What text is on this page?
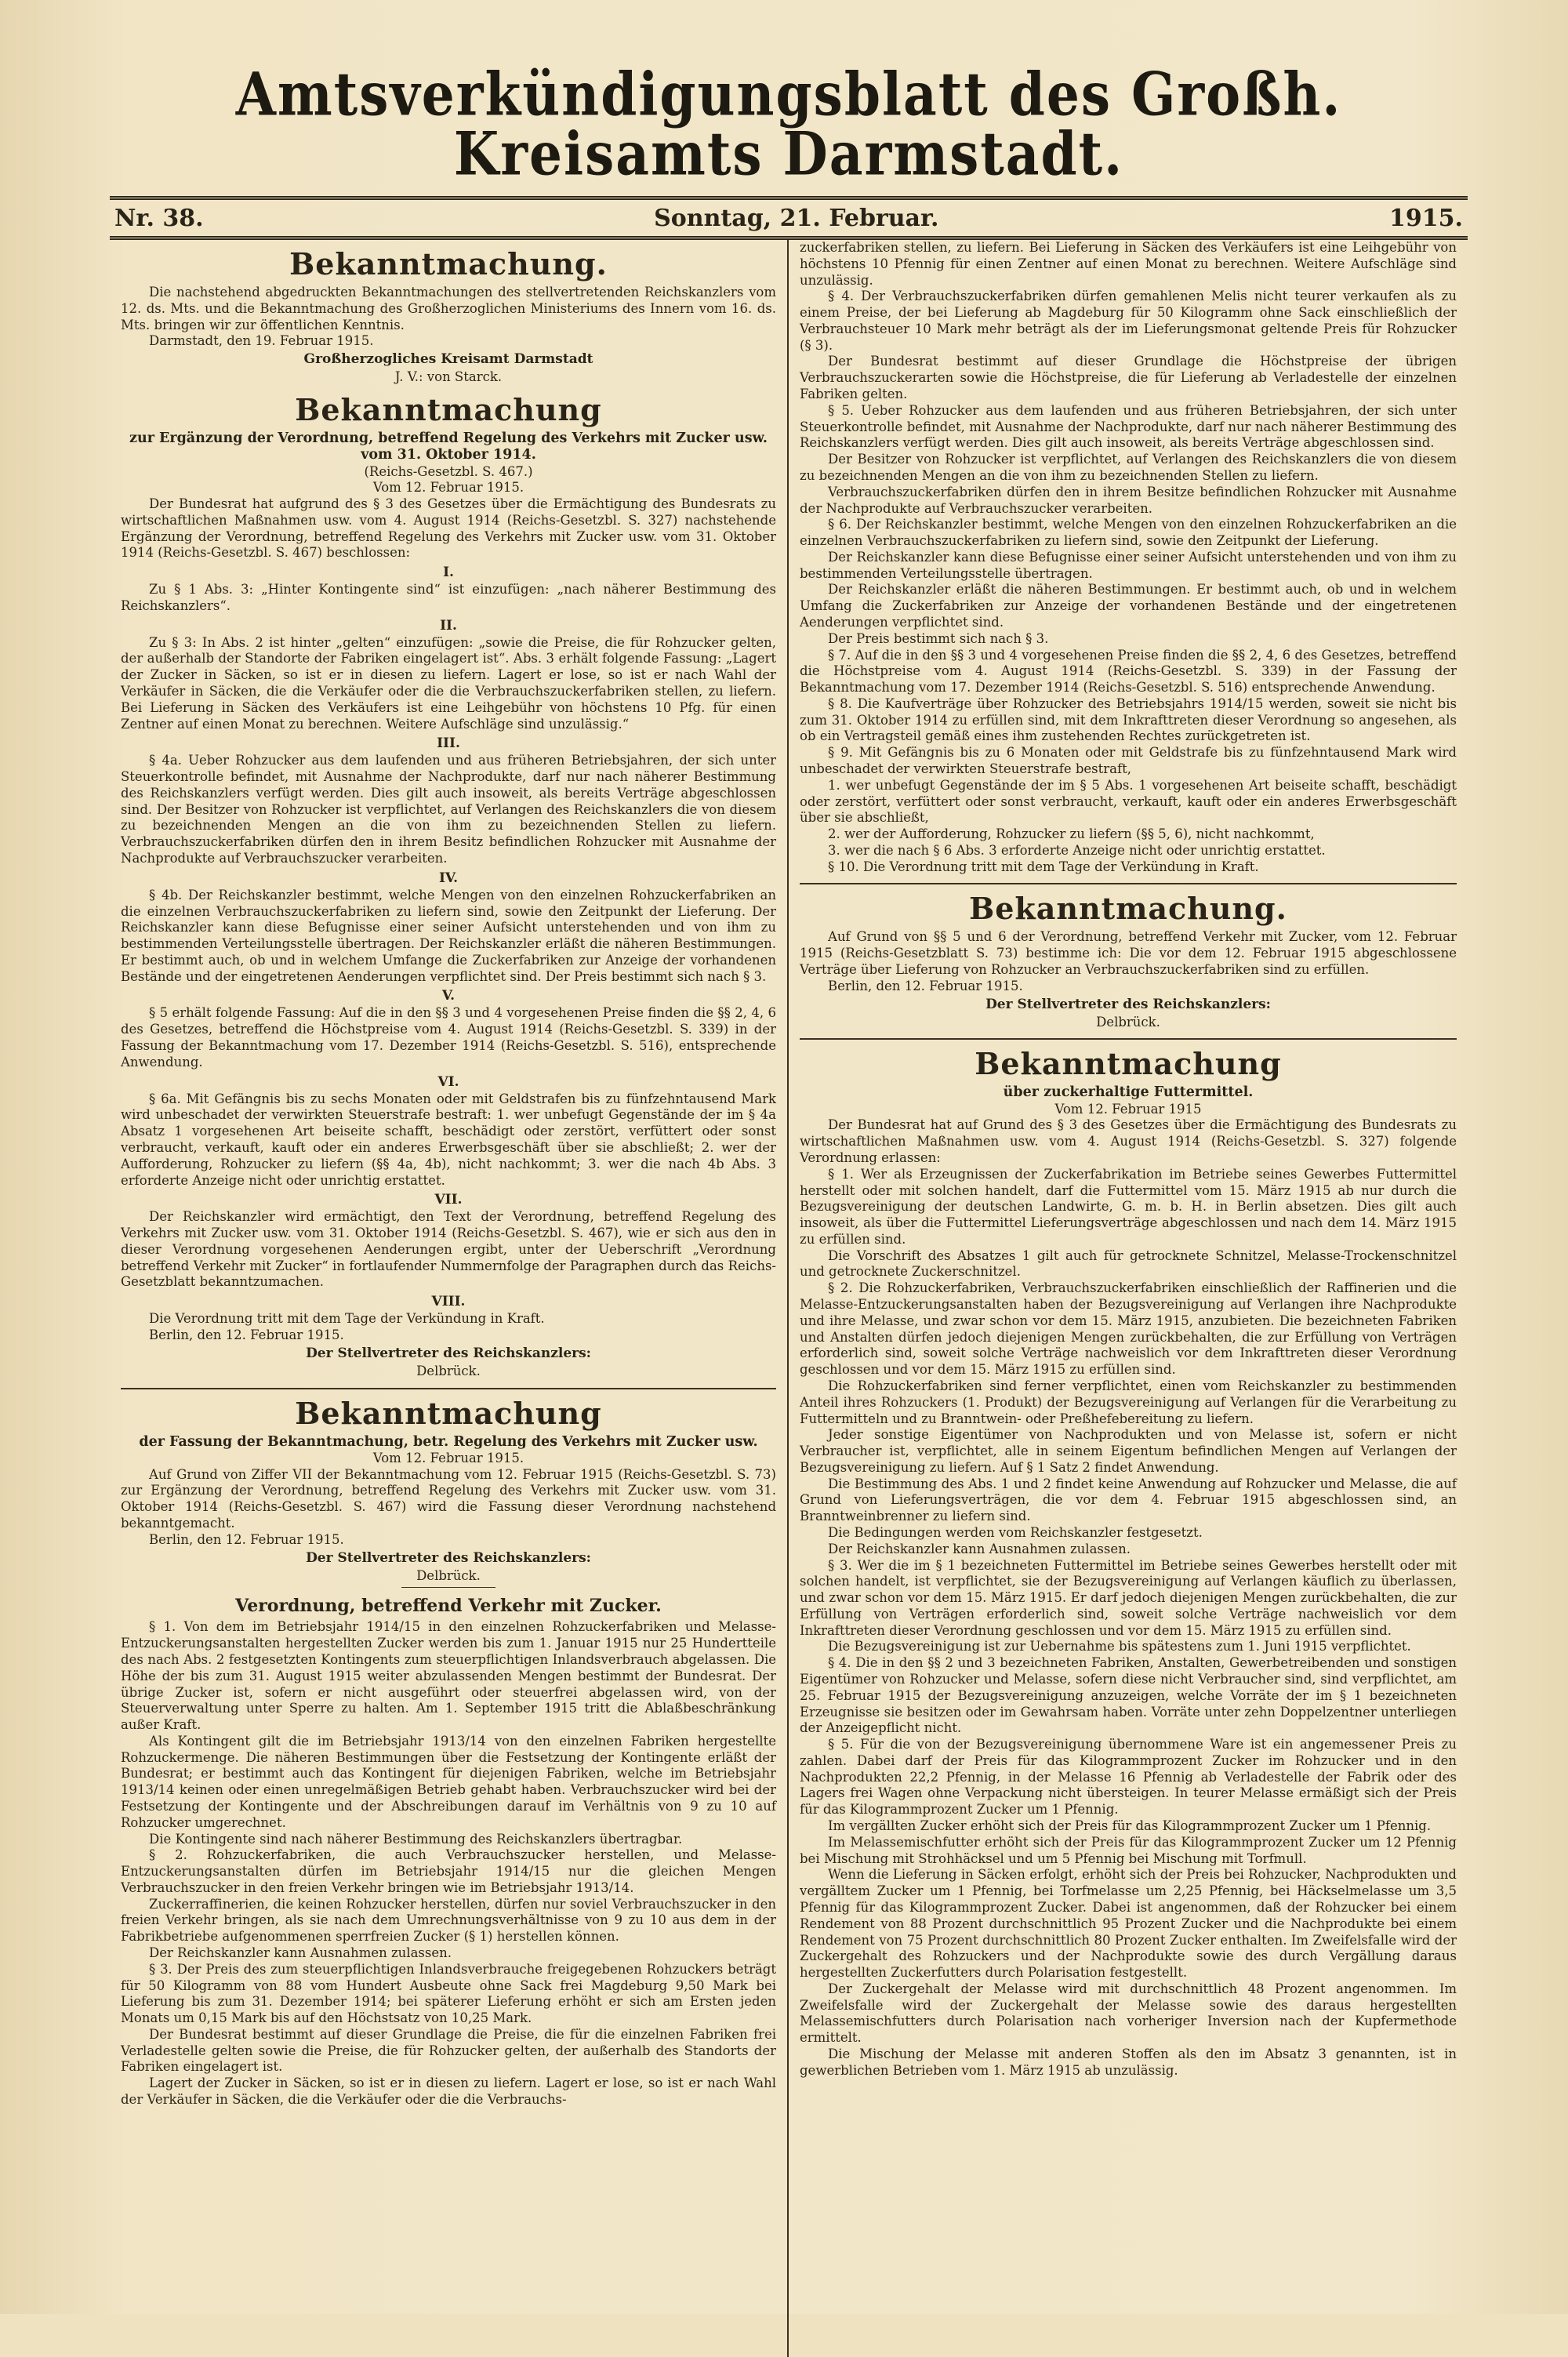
Amtsverkündigungsblatt des Großh. Kreisamts Darmstadt.
Nr. 38.	Sonntag, 21. Februar.	1915.
Bekanntmachung.

Die nachstehend abgedruckten Bekanntmachungen des stellvertretenden Reichskanzlers vom 12. ds. Mts. und die Bekanntmachung des Großherzoglichen Ministeriums des Innern vom 16. ds. Mts. bringen wir zur öffentlichen Kenntnis.

Darmstadt, den 19. Februar 1915.

Großherzogliches Kreisamt Darmstadt
J. V.: von Starck.
Bekanntmachung
zur Ergänzung der Verordnung, betreffend Regelung des Verkehrs mit Zucker usw. vom 31. Oktober 1914.
(Reichs-Gesetzbl. S. 467.)
Vom 12. Februar 1915.

Der Bundesrat hat aufgrund des § 3 des Gesetzes über die Ermächtigung des Bundesrats zu wirtschaftlichen Maßnahmen usw. vom 4. August 1914 (Reichs-Gesetzbl. S. 327) nachstehende Ergänzung der Verordnung, betreffend Regelung des Verkehrs mit Zucker usw. vom 31. Oktober 1914 (Reichs-Gesetzbl. S. 467) beschlossen:

I.

Zu § 1 Abs. 3: „Hinter Kontingente sind“ ist einzufügen: „nach näherer Bestimmung des Reichskanzlers“.

II.

Zu § 3: In Abs. 2 ist hinter „gelten“ einzufügen: „sowie die Preise, die für Rohzucker gelten, der außerhalb der Standorte der Fabriken eingelagert ist“. Abs. 3 erhält folgende Fassung: „Lagert der Zucker in Säcken, so ist er in diesen zu liefern. Lagert er lose, so ist er nach Wahl der Verkäufer in Säcken, die die Verkäufer oder die die Verbrauchszuckerfabriken stellen, zu liefern. Bei Lieferung in Säcken des Verkäufers ist eine Leihgebühr von höchstens 10 Pfg. für einen Zentner auf einen Monat zu berechnen. Weitere Aufschläge sind unzulässig.“

III.

§ 4a. Ueber Rohzucker aus dem laufenden und aus früheren Betriebsjahren, der sich unter Steuerkontrolle befindet, mit Ausnahme der Nachprodukte, darf nur nach näherer Bestimmung des Reichskanzlers verfügt werden. Dies gilt auch insoweit, als bereits Verträge abgeschlossen sind. Der Besitzer von Rohzucker ist verpflichtet, auf Verlangen des Reichskanzlers die von diesem zu bezeichnenden Mengen an die von ihm zu bezeichnenden Stellen zu liefern. Verbrauchszuckerfabriken dürfen den in ihrem Besitz befindlichen Rohzucker mit Ausnahme der Nachprodukte auf Verbrauchszucker verarbeiten.

IV.

§ 4b. Der Reichskanzler bestimmt, welche Mengen von den einzelnen Rohzuckerfabriken an die einzelnen Verbrauchszuckerfabriken zu liefern sind, sowie den Zeitpunkt der Lieferung. Der Reichskanzler kann diese Befugnisse einer seiner Aufsicht unterstehenden und von ihm zu bestimmenden Verteilungsstelle übertragen. Der Reichskanzler erläßt die näheren Bestimmungen. Er bestimmt auch, ob und in welchem Umfange die Zuckerfabriken zur Anzeige der vorhandenen Bestände und der eingetretenen Aenderungen verpflichtet sind. Der Preis bestimmt sich nach § 3.

V.

§ 5 erhält folgende Fassung: Auf die in den §§ 3 und 4 vorgesehenen Preise finden die §§ 2, 4, 6 des Gesetzes, betreffend die Höchstpreise vom 4. August 1914 (Reichs-Gesetzbl. S. 339) in der Fassung der Bekanntmachung vom 17. Dezember 1914 (Reichs-Gesetzbl. S. 516), entsprechende Anwendung.

VI.

§ 6a. Mit Gefängnis bis zu sechs Monaten oder mit Geldstrafen bis zu fünfzehntausend Mark wird unbeschadet der verwirkten Steuerstrafe bestraft: 1. wer unbefugt Gegenstände der im § 4a Absatz 1 vorgesehenen Art beiseite schafft, beschädigt oder zerstört, verfüttert oder sonst verbraucht, verkauft, kauft oder ein anderes Erwerbsgeschäft über sie abschließt; 2. wer der Aufforderung, Rohzucker zu liefern (§§ 4a, 4b), nicht nachkommt; 3. wer die nach 4b Abs. 3 erforderte Anzeige nicht oder unrichtig erstattet.

VII.

Der Reichskanzler wird ermächtigt, den Text der Verordnung, betreffend Regelung des Verkehrs mit Zucker usw. vom 31. Oktober 1914 (Reichs-Gesetzbl. S. 467), wie er sich aus den in dieser Verordnung vorgesehenen Aenderungen ergibt, unter der Ueberschrift „Verordnung betreffend Verkehr mit Zucker“ in fortlaufender Nummernfolge der Paragraphen durch das Reichs-Gesetzblatt bekanntzumachen.

VIII.

Die Verordnung tritt mit dem Tage der Verkündung in Kraft.

Berlin, den 12. Februar 1915.

Der Stellvertreter des Reichskanzlers:
Delbrück.
Bekanntmachung
der Fassung der Bekanntmachung, betr. Regelung des Verkehrs mit Zucker usw.
Vom 12. Februar 1915.

Auf Grund von Ziffer VII der Bekanntmachung vom 12. Februar 1915 (Reichs-Gesetzbl. S. 73) zur Ergänzung der Verordnung, betreffend Regelung des Verkehrs mit Zucker usw. vom 31. Oktober 1914 (Reichs-Gesetzbl. S. 467) wird die Fassung dieser Verordnung nachstehend bekanntgemacht.

Berlin, den 12. Februar 1915.

Der Stellvertreter des Reichskanzlers:
Delbrück.
Verordnung, betreffend Verkehr mit Zucker.

§ 1. Von dem im Betriebsjahr 1914/15 in den einzelnen Rohzuckerfabriken und Melasse-Entzuckerungsanstalten hergestellten Zucker werden bis zum 1. Januar 1915 nur 25 Hundertteile des nach Abs. 2 festgesetzten Kontingents zum steuerpflichtigen Inlandsverbrauch abgelassen. Die Höhe der bis zum 31. August 1915 weiter abzulassenden Mengen bestimmt der Bundesrat. Der übrige Zucker ist, sofern er nicht ausgeführt oder steuerfrei abgelassen wird, von der Steuerverwaltung unter Sperre zu halten. Am 1. September 1915 tritt die Ablaßbeschränkung außer Kraft.

Als Kontingent gilt die im Betriebsjahr 1913/14 von den einzelnen Fabriken hergestellte Rohzuckermenge. Die näheren Bestimmungen über die Festsetzung der Kontingente erläßt der Bundesrat; er bestimmt auch das Kontingent für diejenigen Fabriken, welche im Betriebsjahr 1913/14 keinen oder einen unregelmäßigen Betrieb gehabt haben. Verbrauchszucker wird bei der Festsetzung der Kontingente und der Abschreibungen darauf im Verhältnis von 9 zu 10 auf Rohzucker umgerechnet.

Die Kontingente sind nach näherer Bestimmung des Reichskanzlers übertragbar.

§ 2. Rohzuckerfabriken, die auch Verbrauchszucker herstellen, und Melasse-Entzuckerungsanstalten dürfen im Betriebsjahr 1914/15 nur die gleichen Mengen Verbrauchszucker in den freien Verkehr bringen wie im Betriebsjahr 1913/14.

Zuckerraffinerien, die keinen Rohzucker herstellen, dürfen nur soviel Verbrauchszucker in den freien Verkehr bringen, als sie nach dem Umrechnungsverhältnisse von 9 zu 10 aus dem in der Fabrikbetriebe aufgenommenen sperrfreien Zucker (§ 1) herstellen können.

Der Reichskanzler kann Ausnahmen zulassen.

§ 3. Der Preis des zum steuerpflichtigen Inlandsverbrauche freigegebenen Rohzuckers beträgt für 50 Kilogramm von 88 vom Hundert Ausbeute ohne Sack frei Magdeburg 9,50 Mark bei Lieferung bis zum 31. Dezember 1914; bei späterer Lieferung erhöht er sich am Ersten jeden Monats um 0,15 Mark bis auf den Höchstsatz von 10,25 Mark.

Der Bundesrat bestimmt auf dieser Grundlage die Preise, die für die einzelnen Fabriken frei Verladestelle gelten sowie die Preise, die für Rohzucker gelten, der außerhalb des Standorts der Fabriken eingelagert ist.

Lagert der Zucker in Säcken, so ist er in diesen zu liefern. Lagert er lose, so ist er nach Wahl der Verkäufer in Säcken, die die Verkäufer oder die die Verbrauchs-

zuckerfabriken stellen, zu liefern. Bei Lieferung in Säcken des Verkäufers ist eine Leihgebühr von höchstens 10 Pfennig für einen Zentner auf einen Monat zu berechnen. Weitere Aufschläge sind unzulässig.

§ 4. Der Verbrauchszuckerfabriken dürfen gemahlenen Melis nicht teurer verkaufen als zu einem Preise, der bei Lieferung ab Magdeburg für 50 Kilogramm ohne Sack einschließlich der Verbrauchsteuer 10 Mark mehr beträgt als der im Lieferungsmonat geltende Preis für Rohzucker (§ 3).

Der Bundesrat bestimmt auf dieser Grundlage die Höchstpreise der übrigen Verbrauchszuckerarten sowie die Höchstpreise, die für Lieferung ab Verladestelle der einzelnen Fabriken gelten.

§ 5. Ueber Rohzucker aus dem laufenden und aus früheren Betriebsjahren, der sich unter Steuerkontrolle befindet, mit Ausnahme der Nachprodukte, darf nur nach näherer Bestimmung des Reichskanzlers verfügt werden. Dies gilt auch insoweit, als bereits Verträge abgeschlossen sind.

Der Besitzer von Rohzucker ist verpflichtet, auf Verlangen des Reichskanzlers die von diesem zu bezeichnenden Mengen an die von ihm zu bezeichnenden Stellen zu liefern.

Verbrauchszuckerfabriken dürfen den in ihrem Besitze befindlichen Rohzucker mit Ausnahme der Nachprodukte auf Verbrauchszucker verarbeiten.

§ 6. Der Reichskanzler bestimmt, welche Mengen von den einzelnen Rohzuckerfabriken an die einzelnen Verbrauchszuckerfabriken zu liefern sind, sowie den Zeitpunkt der Lieferung.

Der Reichskanzler kann diese Befugnisse einer seiner Aufsicht unterstehenden und von ihm zu bestimmenden Verteilungsstelle übertragen.

Der Reichskanzler erläßt die näheren Bestimmungen. Er bestimmt auch, ob und in welchem Umfang die Zuckerfabriken zur Anzeige der vorhandenen Bestände und der eingetretenen Aenderungen verpflichtet sind.

Der Preis bestimmt sich nach § 3.

§ 7. Auf die in den §§ 3 und 4 vorgesehenen Preise finden die §§ 2, 4, 6 des Gesetzes, betreffend die Höchstpreise vom 4. August 1914 (Reichs-Gesetzbl. S. 339) in der Fassung der Bekanntmachung vom 17. Dezember 1914 (Reichs-Gesetzbl. S. 516) entsprechende Anwendung.

§ 8. Die Kaufverträge über Rohzucker des Betriebsjahrs 1914/15 werden, soweit sie nicht bis zum 31. Oktober 1914 zu erfüllen sind, mit dem Inkrafttreten dieser Verordnung so angesehen, als ob ein Vertragsteil gemäß eines ihm zustehenden Rechtes zurückgetreten ist.

§ 9. Mit Gefängnis bis zu 6 Monaten oder mit Geldstrafe bis zu fünfzehntausend Mark wird unbeschadet der verwirkten Steuerstrafe bestraft,

1. wer unbefugt Gegenstände der im § 5 Abs. 1 vorgesehenen Art beiseite schafft, beschädigt oder zerstört, verfüttert oder sonst verbraucht, verkauft, kauft oder ein anderes Erwerbsgeschäft über sie abschließt,

2. wer der Aufforderung, Rohzucker zu liefern (§§ 5, 6), nicht nachkommt,

3. wer die nach § 6 Abs. 3 erforderte Anzeige nicht oder unrichtig erstattet.

§ 10. Die Verordnung tritt mit dem Tage der Verkündung in Kraft.

Bekanntmachung.

Auf Grund von §§ 5 und 6 der Verordnung, betreffend Verkehr mit Zucker, vom 12. Februar 1915 (Reichs-Gesetzblatt S. 73) bestimme ich: Die vor dem 12. Februar 1915 abgeschlossene Verträge über Lieferung von Rohzucker an Verbrauchszuckerfabriken sind zu erfüllen.

Berlin, den 12. Februar 1915.

Der Stellvertreter des Reichskanzlers:
Delbrück.
Bekanntmachung
über zuckerhaltige Futtermittel.
Vom 12. Februar 1915

Der Bundesrat hat auf Grund des § 3 des Gesetzes über die Ermächtigung des Bundesrats zu wirtschaftlichen Maßnahmen usw. vom 4. August 1914 (Reichs-Gesetzbl. S. 327) folgende Verordnung erlassen:

§ 1. Wer als Erzeugnissen der Zuckerfabrikation im Betriebe seines Gewerbes Futtermittel herstellt oder mit solchen handelt, darf die Futtermittel vom 15. März 1915 ab nur durch die Bezugsvereinigung der deutschen Landwirte, G. m. b. H. in Berlin absetzen. Dies gilt auch insoweit, als über die Futtermittel Lieferungsverträge abgeschlossen und nach dem 14. März 1915 zu erfüllen sind.

Die Vorschrift des Absatzes 1 gilt auch für getrocknete Schnitzel, Melasse-Trockenschnitzel und getrocknete Zuckerschnitzel.

§ 2. Die Rohzuckerfabriken, Verbrauchszuckerfabriken einschließlich der Raffinerien und die Melasse-Entzuckerungsanstalten haben der Bezugsvereinigung auf Verlangen ihre Nachprodukte und ihre Melasse, und zwar schon vor dem 15. März 1915, anzubieten. Die bezeichneten Fabriken und Anstalten dürfen jedoch diejenigen Mengen zurückbehalten, die zur Erfüllung von Verträgen erforderlich sind, soweit solche Verträge nachweislich vor dem Inkrafttreten dieser Verordnung geschlossen und vor dem 15. März 1915 zu erfüllen sind.

Die Rohzuckerfabriken sind ferner verpflichtet, einen vom Reichskanzler zu bestimmenden Anteil ihres Rohzuckers (1. Produkt) der Bezugsvereinigung auf Verlangen für die Verarbeitung zu Futtermitteln und zu Branntwein- oder Preßhefebereitung zu liefern.

Jeder sonstige Eigentümer von Nachprodukten und von Melasse ist, sofern er nicht Verbraucher ist, verpflichtet, alle in seinem Eigentum befindlichen Mengen auf Verlangen der Bezugsvereinigung zu liefern. Auf § 1 Satz 2 findet Anwendung.

Die Bestimmung des Abs. 1 und 2 findet keine Anwendung auf Rohzucker und Melasse, die auf Grund von Lieferungsverträgen, die vor dem 4. Februar 1915 abgeschlossen sind, an Branntweinbrenner zu liefern sind.

Die Bedingungen werden vom Reichskanzler festgesetzt.

Der Reichskanzler kann Ausnahmen zulassen.

§ 3. Wer die im § 1 bezeichneten Futtermittel im Betriebe seines Gewerbes herstellt oder mit solchen handelt, ist verpflichtet, sie der Bezugsvereinigung auf Verlangen käuflich zu überlassen, und zwar schon vor dem 15. März 1915. Er darf jedoch diejenigen Mengen zurückbehalten, die zur Erfüllung von Verträgen erforderlich sind, soweit solche Verträge nachweislich vor dem Inkrafttreten dieser Verordnung geschlossen und vor dem 15. März 1915 zu erfüllen sind.

Die Bezugsvereinigung ist zur Uebernahme bis spätestens zum 1. Juni 1915 verpflichtet.

§ 4. Die in den §§ 2 und 3 bezeichneten Fabriken, Anstalten, Gewerbetreibenden und sonstigen Eigentümer von Rohzucker und Melasse, sofern diese nicht Verbraucher sind, sind verpflichtet, am 25. Februar 1915 der Bezugsvereinigung anzuzeigen, welche Vorräte der im § 1 bezeichneten Erzeugnisse sie besitzen oder im Gewahrsam haben. Vorräte unter zehn Doppelzentner unterliegen der Anzeigepflicht nicht.

§ 5. Für die von der Bezugsvereinigung übernommene Ware ist ein angemessener Preis zu zahlen. Dabei darf der Preis für das Kilogrammprozent Zucker im Rohzucker und in den Nachprodukten 22,2 Pfennig, in der Melasse 16 Pfennig ab Verladestelle der Fabrik oder des Lagers frei Wagen ohne Verpackung nicht übersteigen. In teurer Melasse ermäßigt sich der Preis für das Kilogrammprozent Zucker um 1 Pfennig.

Im vergällten Zucker erhöht sich der Preis für das Kilogrammprozent Zucker um 1 Pfennig.

Im Melassemischfutter erhöht sich der Preis für das Kilogrammprozent Zucker um 12 Pfennig bei Mischung mit Strohhäcksel und um 5 Pfennig bei Mischung mit Torfmull.

Wenn die Lieferung in Säcken erfolgt, erhöht sich der Preis bei Rohzucker, Nachprodukten und vergälltem Zucker um 1 Pfennig, bei Torfmelasse um 2,25 Pfennig, bei Häckselmelasse um 3,5 Pfennig für das Kilogrammprozent Zucker. Dabei ist angenommen, daß der Rohzucker bei einem Rendement von 88 Prozent durchschnittlich 95 Prozent Zucker und die Nachprodukte bei einem Rendement von 75 Prozent durchschnittlich 80 Prozent Zucker enthalten. Im Zweifelsfalle wird der Zuckergehalt des Rohzuckers und der Nachprodukte sowie des durch Vergällung daraus hergestellten Zuckerfutters durch Polarisation festgestellt.

Der Zuckergehalt der Melasse wird mit durchschnittlich 48 Prozent angenommen. Im Zweifelsfalle wird der Zuckergehalt der Melasse sowie des daraus hergestellten Melassemischfutters durch Polarisation nach vorheriger Inversion nach der Kupfermethode ermittelt.

Die Mischung der Melasse mit anderen Stoffen als den im Absatz 3 genannten, ist in gewerblichen Betrieben vom 1. März 1915 ab unzulässig.
